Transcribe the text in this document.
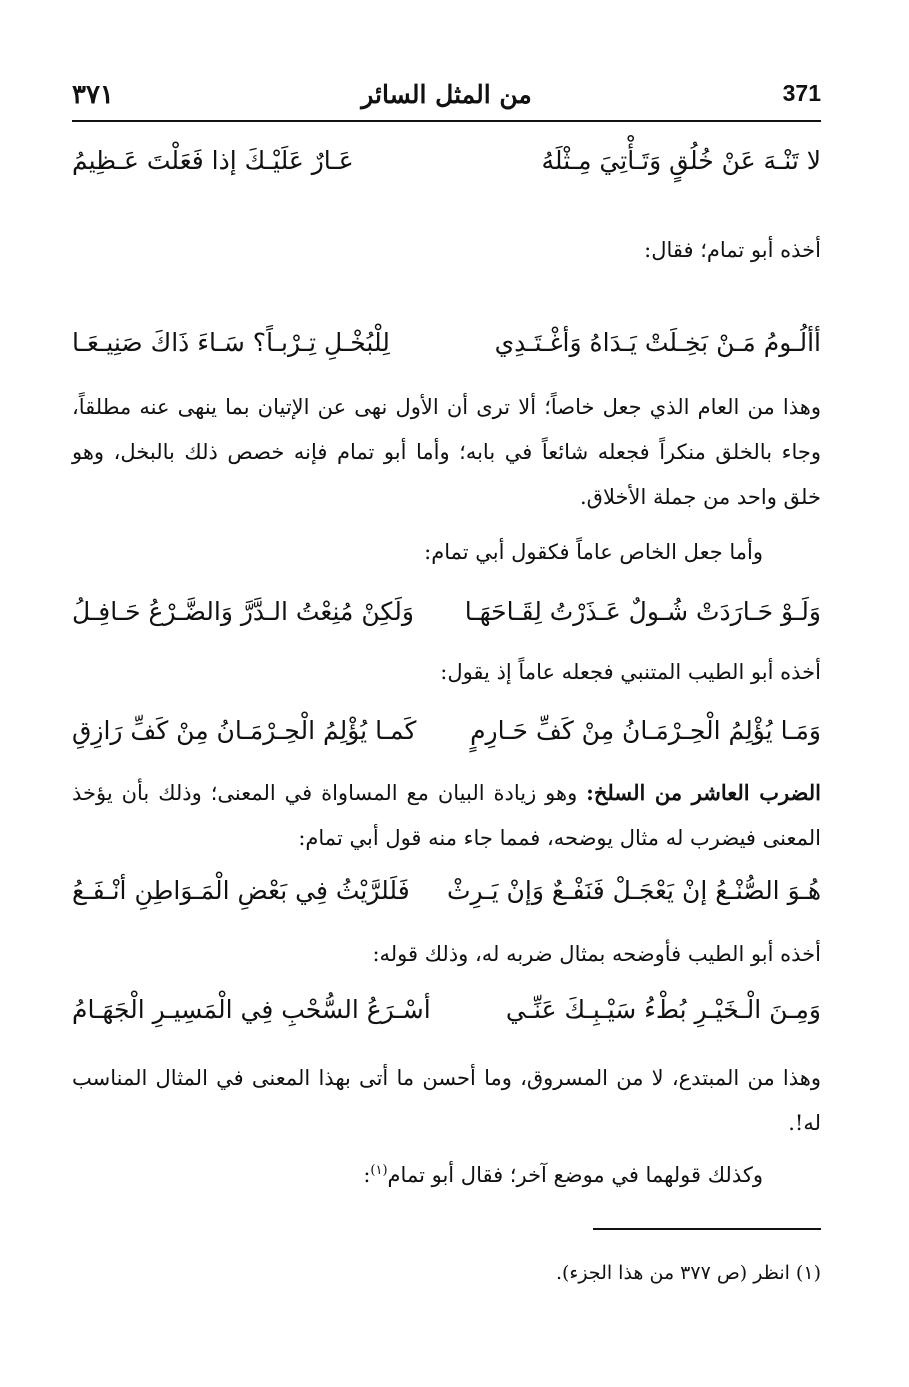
٣٧١	من المثل السائر	371
لا تَنْـهَ عَنْ خُلُقٍ وَتَـأْتِيَ مِـثْلَهُ
عَـارٌ عَلَيْـكَ إذا فَعَلْتَ عَـظِيمُ

أخذه أبو تمام؛ فقال:

أألُـومُ مَـنْ بَخِـلَتْ يَـدَاهُ وَأغْـتَـدِي
لِلْبُخْـلِ تِـرْبـاً؟ سَـاءَ ذَاكَ صَنِيـعَـا

وهذا من العام الذي جعل خاصاً؛ ألا ترى أن الأول نهى عن الإتيان بما ينهى عنه مطلقاً، وجاء بالخلق منكراً فجعله شائعاً في بابه؛ وأما أبو تمام فإنه خصص ذلك بالبخل، وهو خلق واحد من جملة الأخلاق.

وأما جعل الخاص عاماً فكقول أبي تمام:

وَلَـوْ حَـارَدَتْ شُـولٌ عَـذَرْتُ لِقَـاحَهَـا
وَلَكِنْ مُنِعْتُ الـدَّرَّ وَالضَّـرْعُ حَـافِـلُ

أخذه أبو الطيب المتنبي فجعله عاماً إذ يقول:

وَمَـا يُؤْلِمُ الْحِـرْمَـانُ مِنْ كَفِّ حَـارِمٍ
كَمـا يُؤْلِمُ الْحِـرْمَـانُ مِنْ كَفِّ رَازِقِ

الضرب العاشر من السلخ: وهو زيادة البيان مع المساواة في المعنى؛ وذلك بأن يؤخذ المعنى فيضرب له مثال يوضحه، فمما جاء منه قول أبي تمام:

هُـوَ الصُّنْـعُ إنْ يَعْجَـلْ فَنَفْـعٌ وَإنْ يَـرِثْ
فَلَلرَّيْثُ فِي بَعْضِ الْمَـوَاطِنِ أنْـفَـعُ

أخذه أبو الطيب فأوضحه بمثال ضربه له، وذلك قوله:

وَمِـنَ الْـخَيْـرِ بُطْءُ سَيْـبِـكَ عَنِّـي
أسْـرَعُ السُّحْبِ فِي الْمَسِيـرِ الْجَهَـامُ

وهذا من المبتدع، لا من المسروق، وما أحسن ما أتى بهذا المعنى في المثال المناسب له!.

وكذلك قولهما في موضع آخر؛ فقال أبو تمام$^{(١)}$:

(١) انظر (ص ٣٧٧ من هذا الجزء).
